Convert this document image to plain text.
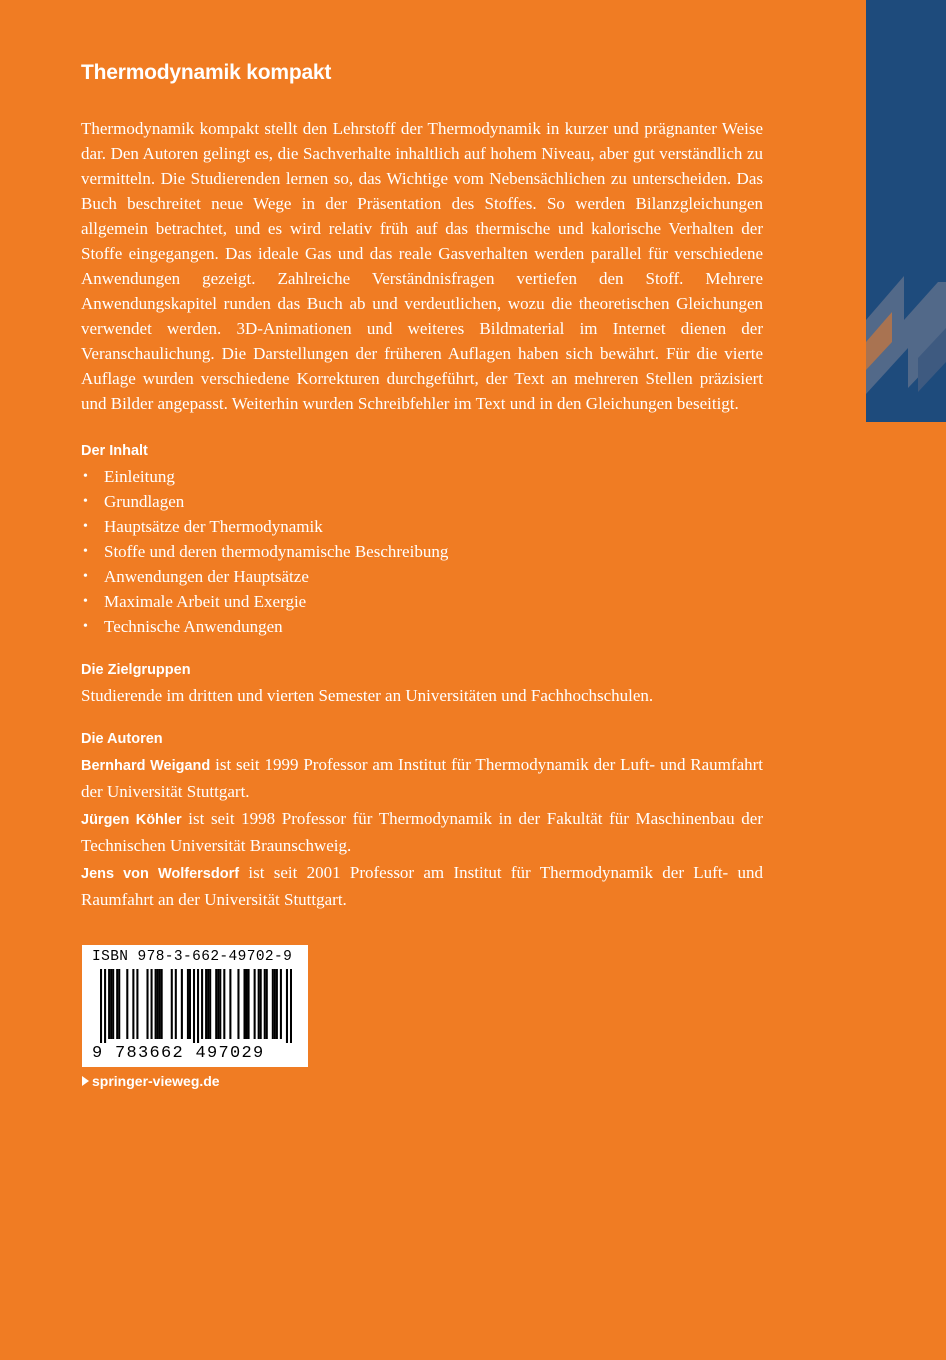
Thermodynamik kompakt

Thermodynamik kompakt stellt den Lehrstoff der Thermodynamik in kurzer und prägnanter Weise dar. Den Autoren gelingt es, die Sachverhalte inhaltlich auf hohem Niveau, aber gut verständlich zu vermitteln. Die Studierenden lernen so, das Wichtige vom Nebensächlichen zu unterscheiden. Das Buch beschreitet neue Wege in der Präsentation des Stoffes. So werden Bilanzgleichungen allgemein betrachtet, und es wird relativ früh auf das thermische und kalorische Verhalten der Stoffe eingegangen. Das ideale Gas und das reale Gasverhalten werden parallel für verschiedene Anwendungen gezeigt. Zahlreiche Verständnisfragen vertiefen den Stoff. Mehrere Anwendungskapitel runden das Buch ab und verdeutlichen, wozu die theoretischen Gleichungen verwendet werden. 3D-Animationen und weiteres Bildmaterial im Internet dienen der Veranschaulichung. Die Darstellungen der früheren Auflagen haben sich bewährt. Für die vierte Auflage wurden verschiedene Korrekturen durchgeführt, der Text an mehreren Stellen präzisiert und Bilder angepasst. Weiterhin wurden Schreibfehler im Text und in den Gleichungen beseitigt.

Der Inhalt
• Einleitung
• Grundlagen
• Hauptsätze der Thermodynamik
• Stoffe und deren thermodynamische Beschreibung
• Anwendungen der Hauptsätze
• Maximale Arbeit und Exergie
• Technische Anwendungen
Die Zielgruppen

Studierende im dritten und vierten Semester an Universitäten und Fachhochschulen.

Die Autoren

Bernhard Weigand ist seit 1999 Professor am Institut für Thermodynamik der Luft- und Raumfahrt der Universität Stuttgart.

Jürgen Köhler ist seit 1998 Professor für Thermodynamik in der Fakultät für Maschinenbau der Technischen Universität Braunschweig.

Jens von Wolfersdorf ist seit 2001 Professor am Institut für Thermodynamik der Luft- und Raumfahrt an der Universität Stuttgart.

ISBN 978-3-662-49702-9
9 783662 497029
springer-vieweg.de
